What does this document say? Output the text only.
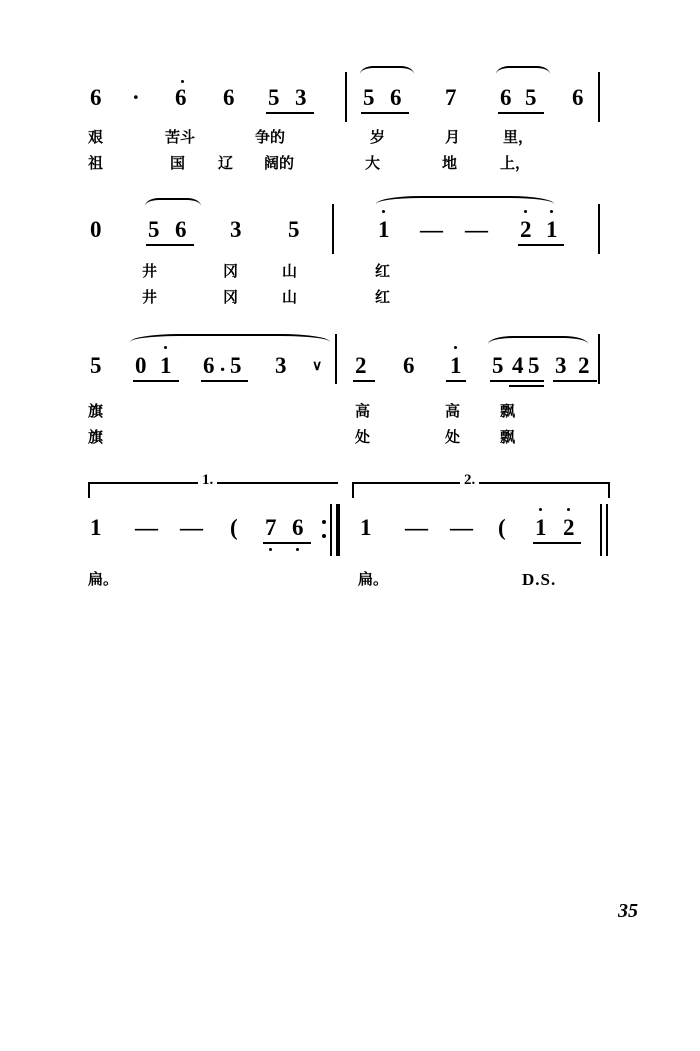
6 · 6 6 5 3 5 6 7 6 5 6
艰	苦斗	争的	岁	月	里，
祖	国 辽 阔的	大	地	上，
0 5 6 3 5	1 — — 2 1
井	冈	山	红
井	冈	山	红
5 0 1 6 . 5 3 ∨ 2 6 1 5 4 5 3 2
旗	高	高	飘
旗	处	处	飘
1.	2.
1 — — ( 7 6 1 — — ( 1 2
扁。	扁。	D.S.
35
